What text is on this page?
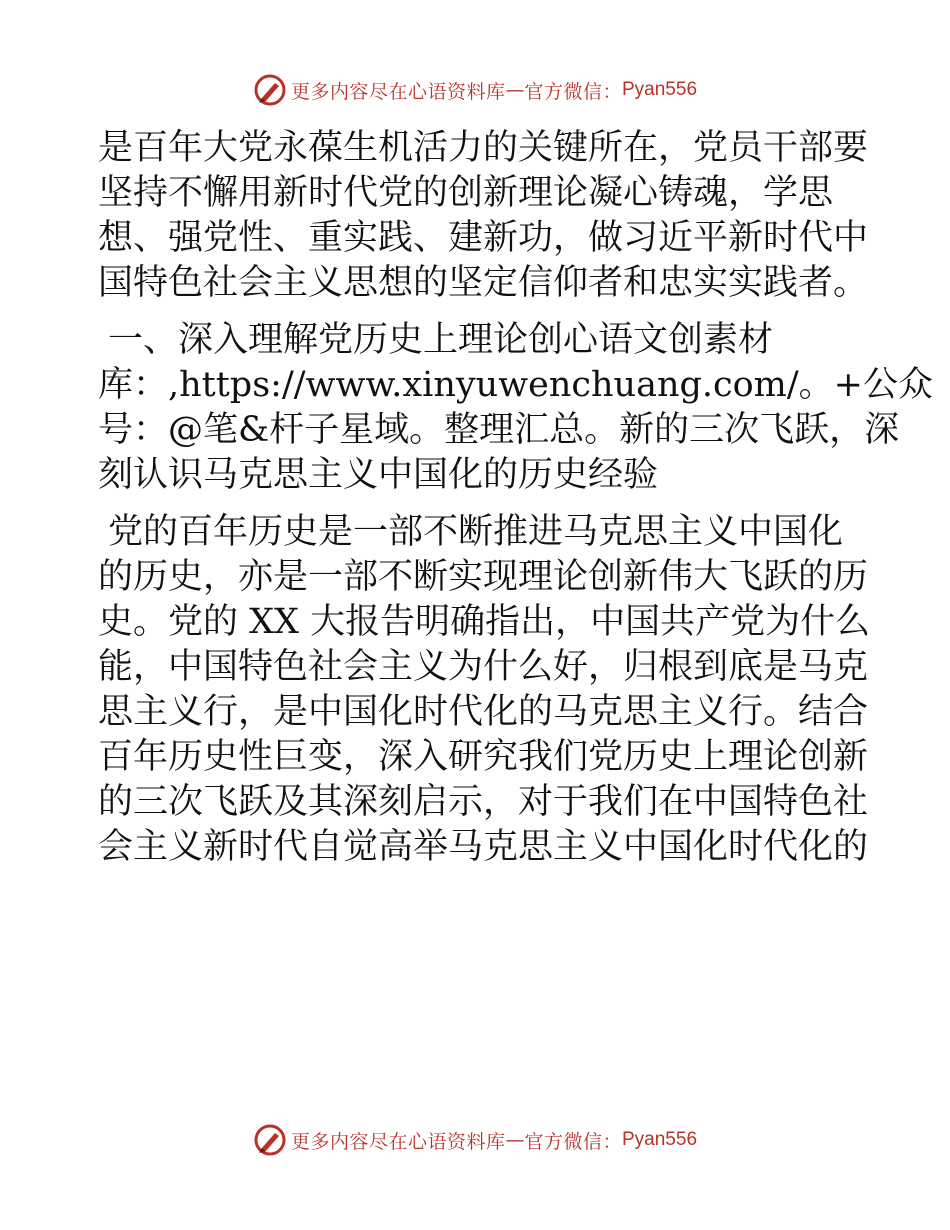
更多内容尽在心语资料库 — 官方微信： Pyan556

是百年大党永葆生机活力的关键所在，党员干部要
坚持不懈用新时代党的创新理论凝心铸魂，学思
想、强党性、重实践、建新功，做习近平新时代中
国特色社会主义思想的坚定信仰者和忠实实践者。

一、深入理解党历史上理论创心语文创素材
库：,https://www.xinyuwenchuang.com/。+公众
号：@笔&杆子星域。整理汇总。新的三次飞跃，深
刻认识马克思主义中国化的历史经验

党的百年历史是一部不断推进马克思主义中国化
的历史，亦是一部不断实现理论创新伟大飞跃的历
史。党的 XX 大报告明确指出，中国共产党为什么
能，中国特色社会主义为什么好，归根到底是马克
思主义行，是中国化时代化的马克思主义行。结合
百年历史性巨变，深入研究我们党历史上理论创新
的三次飞跃及其深刻启示，对于我们在中国特色社
会主义新时代自觉高举马克思主义中国化时代化的

更多内容尽在心语资料库 — 官方微信： Pyan556
